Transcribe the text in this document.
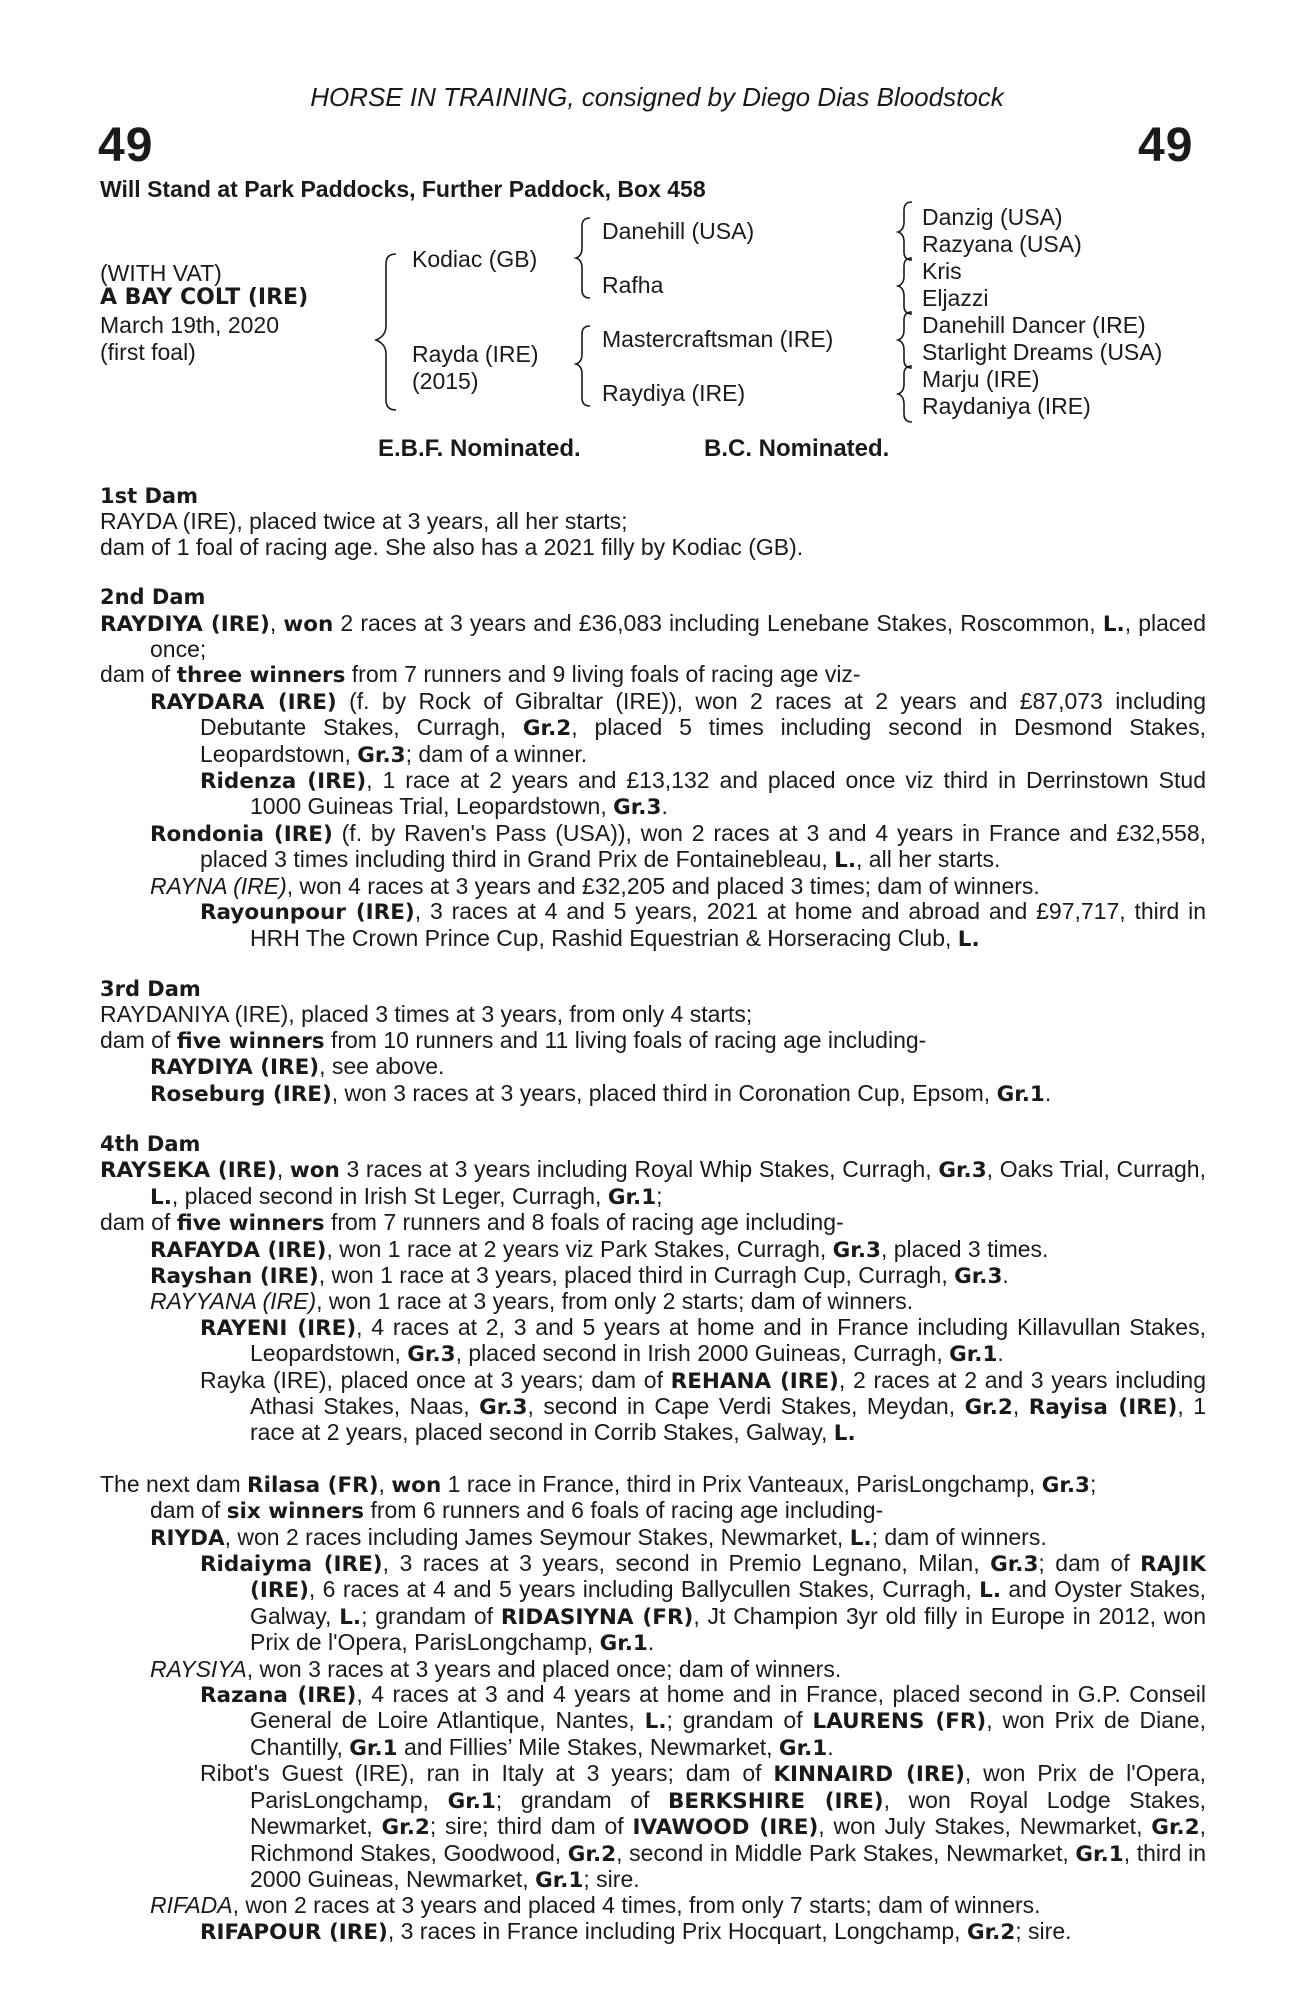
HORSE IN TRAINING, consigned by Diego Dias Bloodstock
49	49
Will Stand at Park Paddocks, Further Paddock, Box 458
(WITH VAT)
A BAY COLT (IRE)
March 19th, 2020
(first foal)
Kodiac (GB)
Rayda (IRE)
(2015)
Danehill (USA)
Rafha
Mastercraftsman (IRE)
Raydiya (IRE)
Danzig (USA)
Razyana (USA)
Kris
Eljazzi
Danehill Dancer (IRE)
Starlight Dreams (USA)
Marju (IRE)
Raydaniya (IRE)
E.B.F. Nominated.	B.C. Nominated.

1st Dam

RAYDA (IRE), placed twice at 3 years, all her starts;
dam of 1 foal of racing age. She also has a 2021 filly by Kodiac (GB).

2nd Dam

RAYDIYA (IRE), won 2 races at 3 years and £36,083 including Lenebane Stakes, Roscommon, L., placed once;

dam of three winners from 7 runners and 9 living foals of racing age viz-

RAYDARA (IRE) (f. by Rock of Gibraltar (IRE)), won 2 races at 2 years and £87,073 including Debutante Stakes, Curragh, Gr.2, placed 5 times including second in Desmond Stakes, Leopardstown, Gr.3; dam of a winner.

Ridenza (IRE), 1 race at 2 years and £13,132 and placed once viz third in Derrinstown Stud 1000 Guineas Trial, Leopardstown, Gr.3.

Rondonia (IRE) (f. by Raven's Pass (USA)), won 2 races at 3 and 4 years in France and £32,558, placed 3 times including third in Grand Prix de Fontainebleau, L., all her starts.

RAYNA (IRE), won 4 races at 3 years and £32,205 and placed 3 times; dam of winners.

Rayounpour (IRE), 3 races at 4 and 5 years, 2021 at home and abroad and £97,717, third in HRH The Crown Prince Cup, Rashid Equestrian & Horseracing Club, L.

3rd Dam

RAYDANIYA (IRE), placed 3 times at 3 years, from only 4 starts;
dam of five winners from 10 runners and 11 living foals of racing age including-

RAYDIYA (IRE), see above.

Roseburg (IRE), won 3 races at 3 years, placed third in Coronation Cup, Epsom, Gr.1.

4th Dam

RAYSEKA (IRE), won 3 races at 3 years including Royal Whip Stakes, Curragh, Gr.3, Oaks Trial, Curragh, L., placed second in Irish St Leger, Curragh, Gr.1;

dam of five winners from 7 runners and 8 foals of racing age including-

RAFAYDA (IRE), won 1 race at 2 years viz Park Stakes, Curragh, Gr.3, placed 3 times.

Rayshan (IRE), won 1 race at 3 years, placed third in Curragh Cup, Curragh, Gr.3.

RAYYANA (IRE), won 1 race at 3 years, from only 2 starts; dam of winners.

RAYENI (IRE), 4 races at 2, 3 and 5 years at home and in France including Killavullan Stakes, Leopardstown, Gr.3, placed second in Irish 2000 Guineas, Curragh, Gr.1.

Rayka (IRE), placed once at 3 years; dam of REHANA (IRE), 2 races at 2 and 3 years including Athasi Stakes, Naas, Gr.3, second in Cape Verdi Stakes, Meydan, Gr.2, Rayisa (IRE), 1 race at 2 years, placed second in Corrib Stakes, Galway, L.

The next dam Rilasa (FR), won 1 race in France, third in Prix Vanteaux, ParisLongchamp, Gr.3;
dam of six winners from 6 runners and 6 foals of racing age including-

RIYDA, won 2 races including James Seymour Stakes, Newmarket, L.; dam of winners.

Ridaiyma (IRE), 3 races at 3 years, second in Premio Legnano, Milan, Gr.3; dam of RAJIK (IRE), 6 races at 4 and 5 years including Ballycullen Stakes, Curragh, L. and Oyster Stakes, Galway, L.; grandam of RIDASIYNA (FR), Jt Champion 3yr old filly in Europe in 2012, won Prix de l'Opera, ParisLongchamp, Gr.1.

RAYSIYA, won 3 races at 3 years and placed once; dam of winners.

Razana (IRE), 4 races at 3 and 4 years at home and in France, placed second in G.P. Conseil General de Loire Atlantique, Nantes, L.; grandam of LAURENS (FR), won Prix de Diane, Chantilly, Gr.1 and Fillies’ Mile Stakes, Newmarket, Gr.1.

Ribot's Guest (IRE), ran in Italy at 3 years; dam of KINNAIRD (IRE), won Prix de l'Opera, ParisLongchamp, Gr.1; grandam of BERKSHIRE (IRE), won Royal Lodge Stakes, Newmarket, Gr.2; sire; third dam of IVAWOOD (IRE), won July Stakes, Newmarket, Gr.2, Richmond Stakes, Goodwood, Gr.2, second in Middle Park Stakes, Newmarket, Gr.1, third in 2000 Guineas, Newmarket, Gr.1; sire.

RIFADA, won 2 races at 3 years and placed 4 times, from only 7 starts; dam of winners.

RIFAPOUR (IRE), 3 races in France including Prix Hocquart, Longchamp, Gr.2; sire.
